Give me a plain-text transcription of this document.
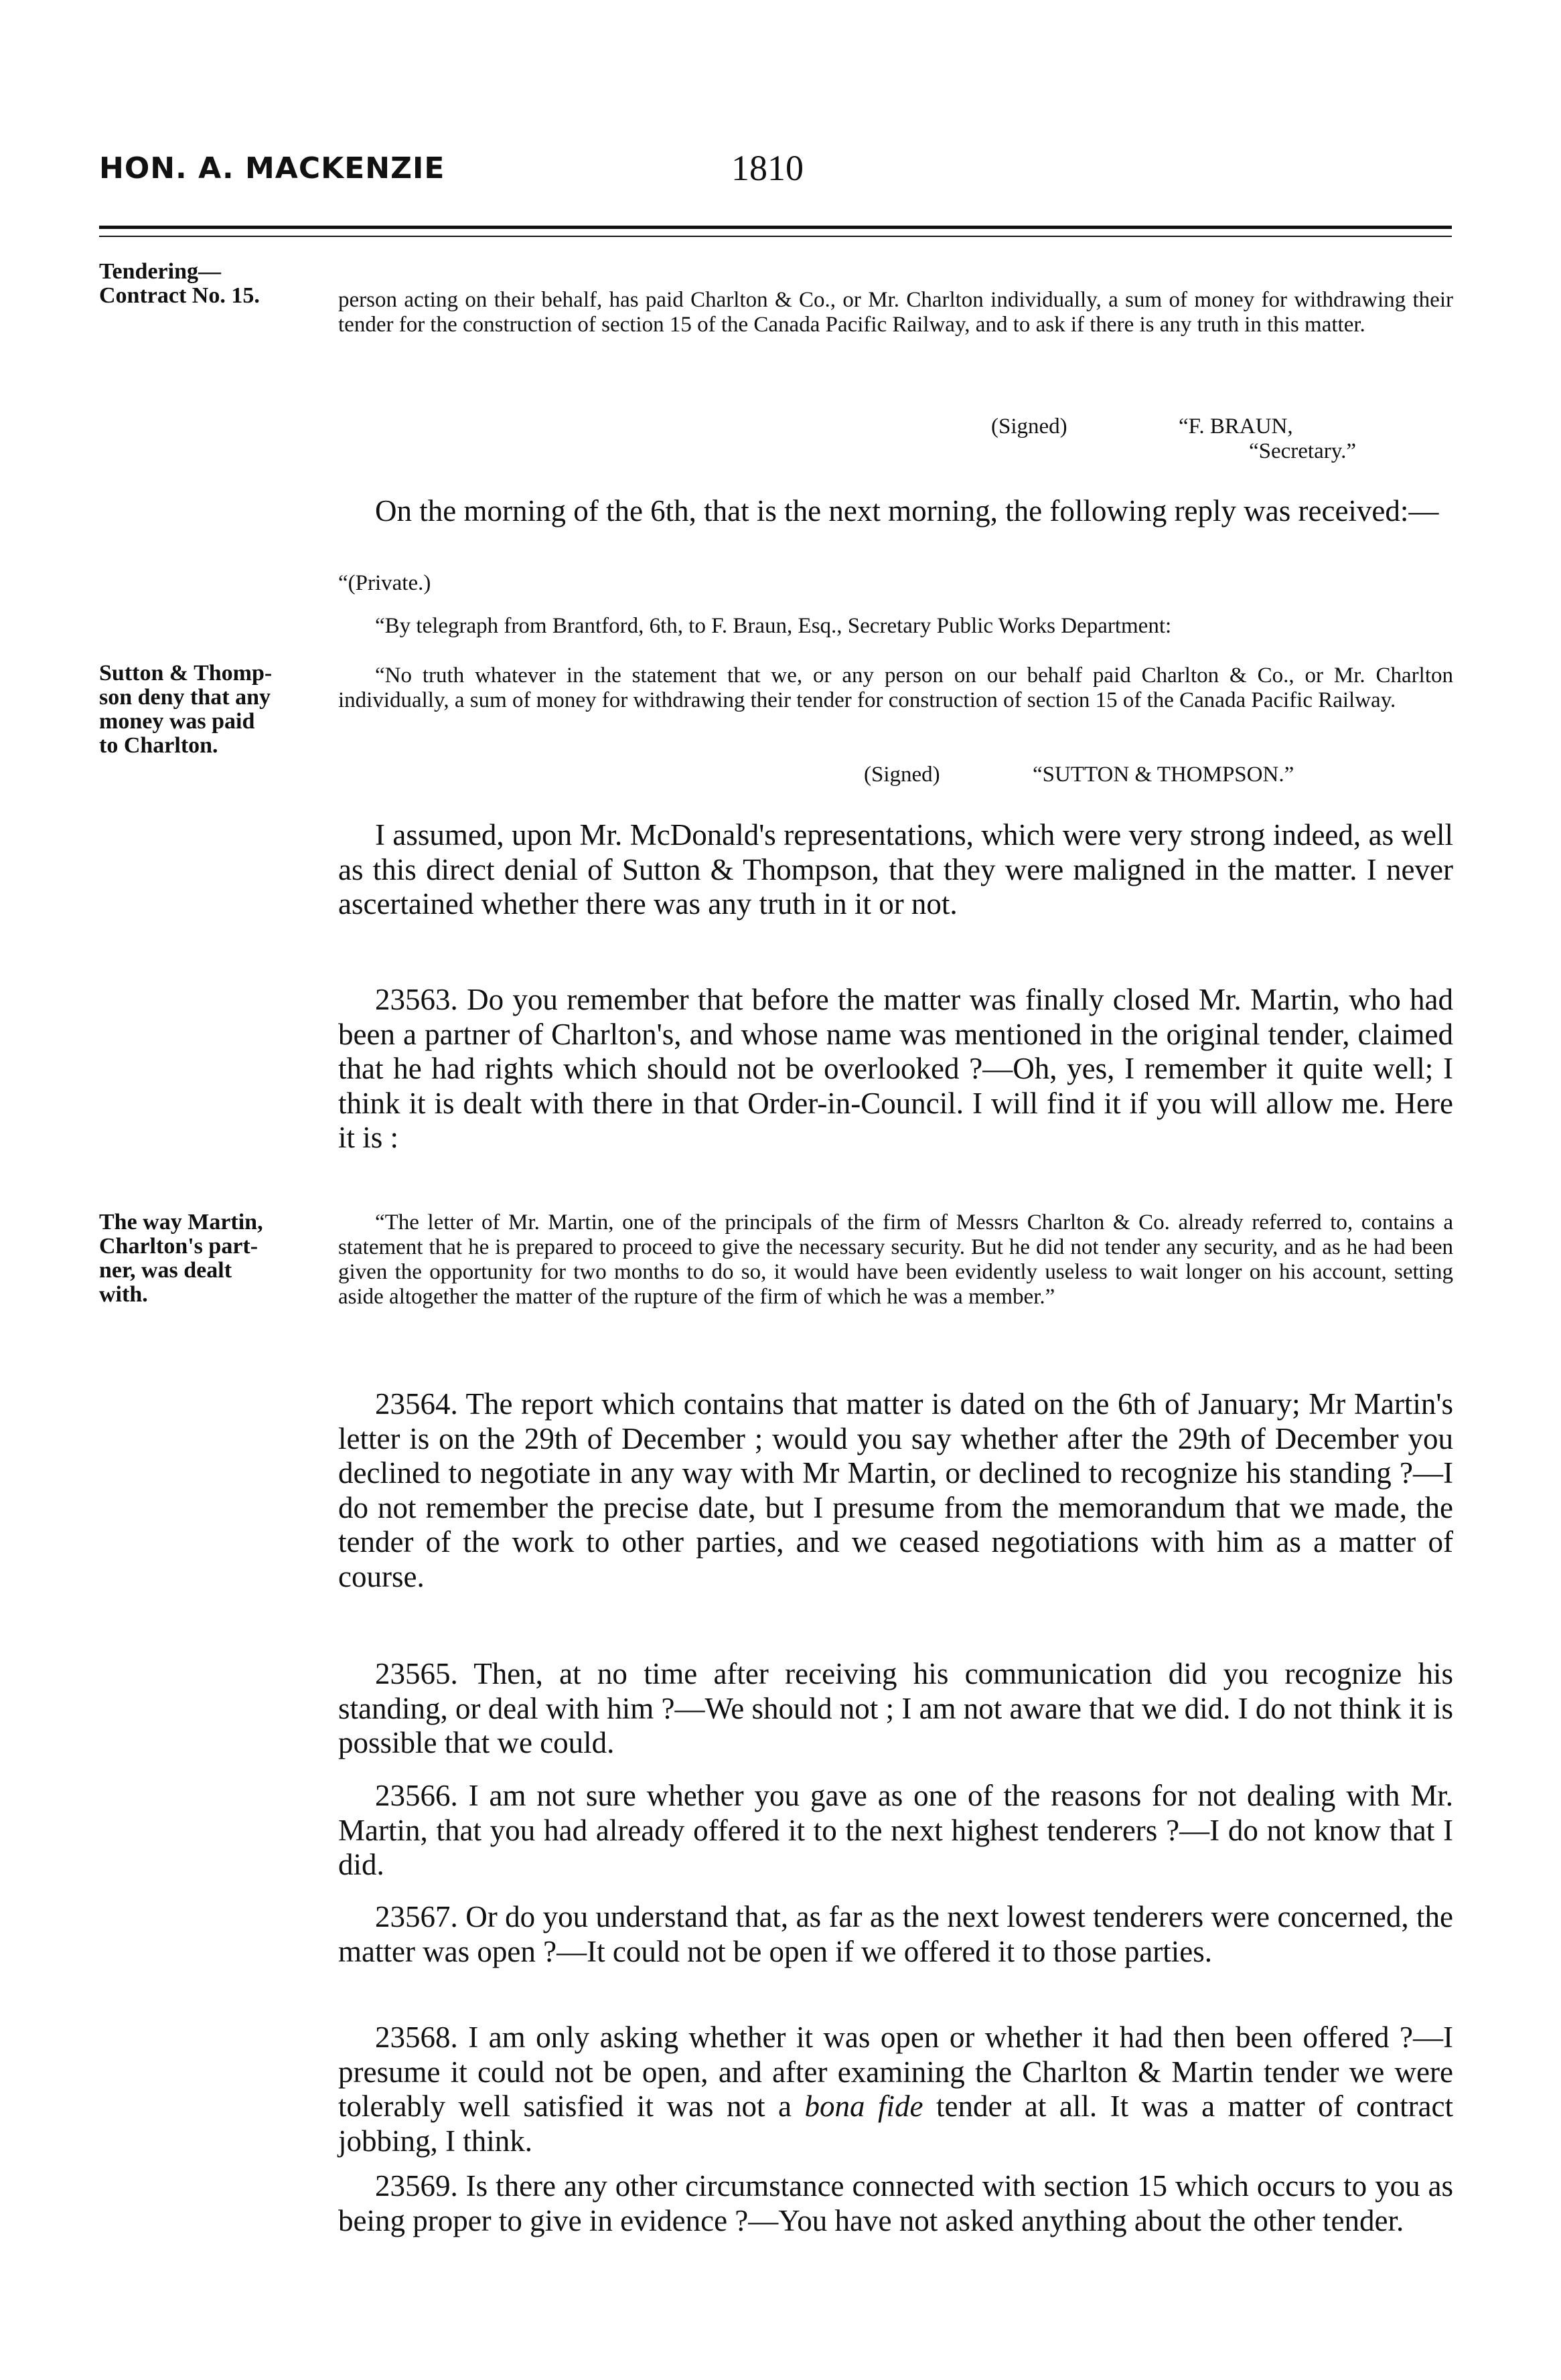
HON. A. MACKENZIE	1810

Tendering—

Contract No. 15.

Sutton & Thomp-

son deny that any

money was paid

to Charlton.

The way Martin,

Charlton's part-

ner, was dealt

with.

person acting on their behalf, has paid Charlton & Co., or Mr. Charlton individually, a sum of money for withdrawing their tender for the construction of section 15 of the Canada Pacific Railway, and to ask if there is any truth in this matter.
(Signed)	“F. BRAUN,
“Secretary.”
On the morning of the 6th, that is the next morning, the following reply was received:—
“(Private.)
“By telegraph from Brantford, 6th, to F. Braun, Esq., Secretary Public Works Department:
“No truth whatever in the statement that we, or any person on our behalf paid Charlton & Co., or Mr. Charlton individually, a sum of money for withdrawing their tender for construction of section 15 of the Canada Pacific Railway.
(Signed)	“SUTTON & THOMPSON.”
I assumed, upon Mr. McDonald's representations, which were very strong indeed, as well as this direct denial of Sutton & Thompson, that they were maligned in the matter. I never ascertained whether there was any truth in it or not.
23563. Do you remember that before the matter was finally closed Mr. Martin, who had been a partner of Charlton's, and whose name was mentioned in the original tender, claimed that he had rights which should not be overlooked ?—Oh, yes, I remember it quite well; I think it is dealt with there in that Order-in-Council. I will find it if you will allow me. Here it is :
“The letter of Mr. Martin, one of the principals of the firm of Messrs Charlton & Co. already referred to, contains a statement that he is prepared to proceed to give the necessary security. But he did not tender any security, and as he had been given the opportunity for two months to do so, it would have been evidently useless to wait longer on his account, setting aside altogether the matter of the rupture of the firm of which he was a member.”
23564. The report which contains that matter is dated on the 6th of January; Mr Martin's letter is on the 29th of December ; would you say whether after the 29th of December you declined to negotiate in any way with Mr Martin, or declined to recognize his standing ?—I do not remember the precise date, but I presume from the memorandum that we made, the tender of the work to other parties, and we ceased negotiations with him as a matter of course.
23565. Then, at no time after receiving his communication did you recognize his standing, or deal with him ?—We should not ; I am not aware that we did. I do not think it is possible that we could.
23566. I am not sure whether you gave as one of the reasons for not dealing with Mr. Martin, that you had already offered it to the next highest tenderers ?—I do not know that I did.
23567. Or do you understand that, as far as the next lowest tenderers were concerned, the matter was open ?—It could not be open if we offered it to those parties.
23568. I am only asking whether it was open or whether it had then been offered ?—I presume it could not be open, and after examining the Charlton & Martin tender we were tolerably well satisfied it was not a bona fide tender at all. It was a matter of contract jobbing, I think.
23569. Is there any other circumstance connected with section 15 which occurs to you as being proper to give in evidence ?—You have not asked anything about the other tender.
